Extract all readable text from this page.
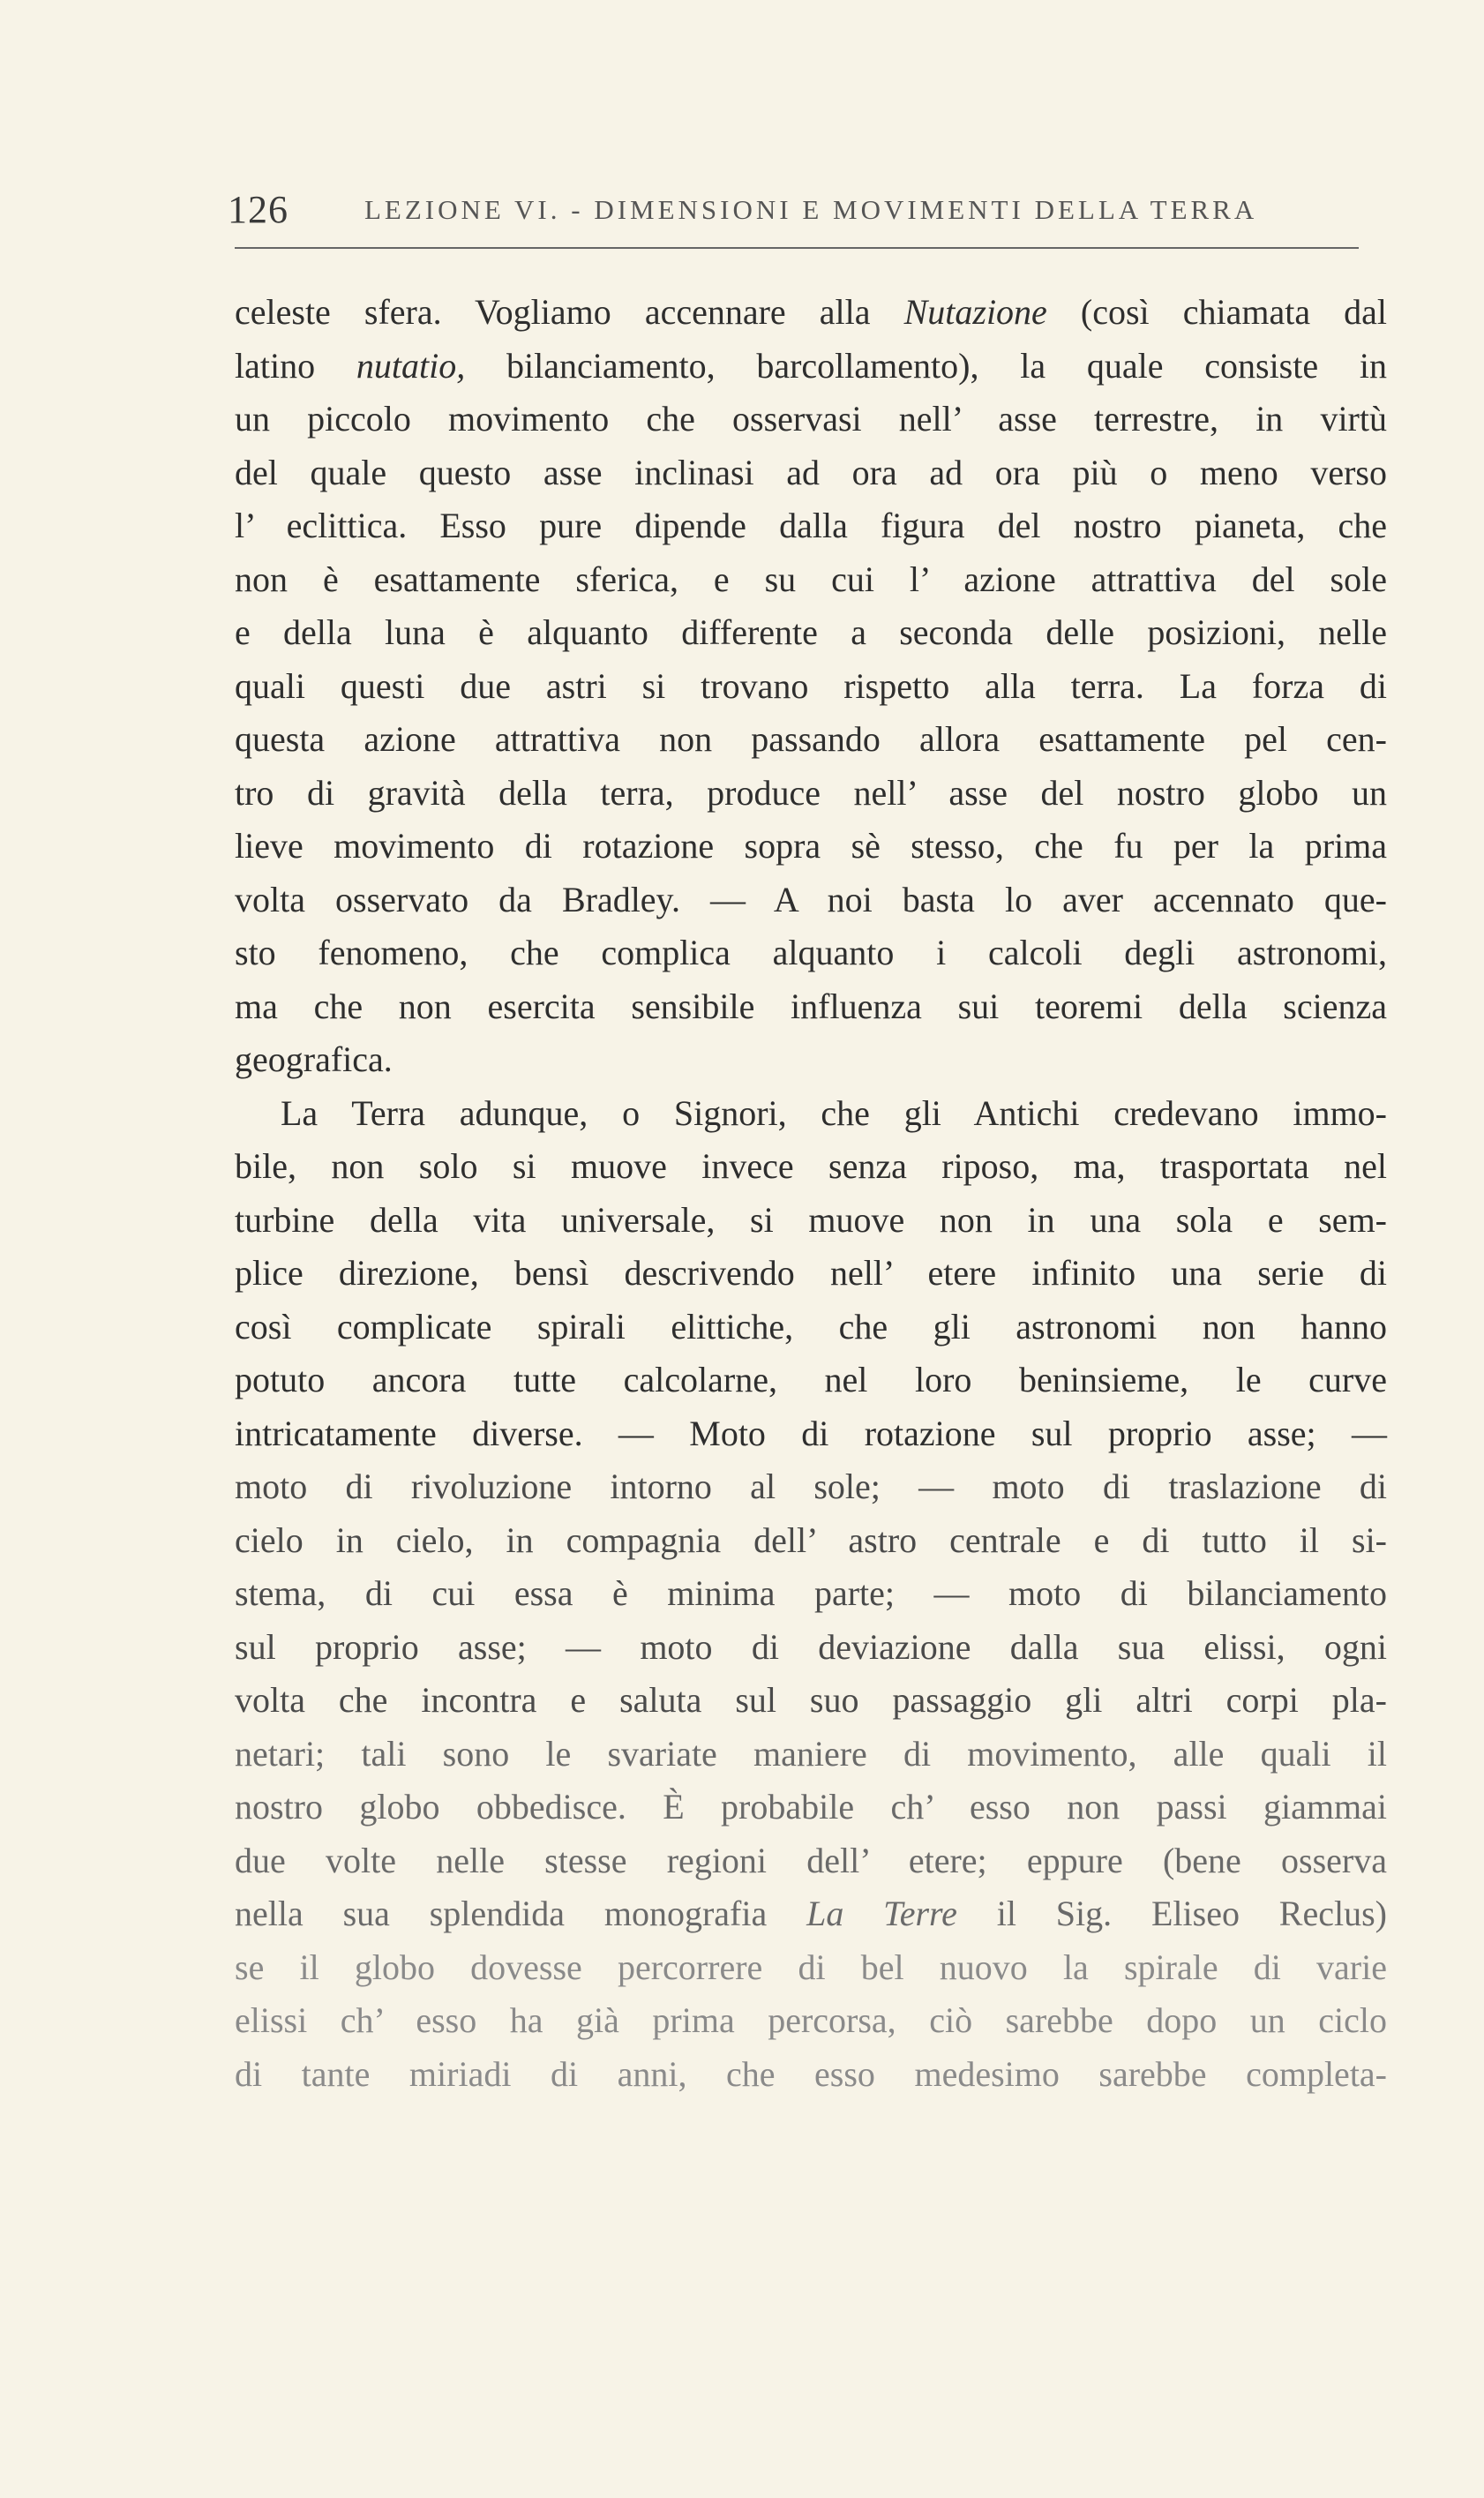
126	LEZIONE VI. - DIMENSIONI E MOVIMENTI DELLA TERRA
celeste sfera. Vogliamo accennare alla Nutazione (così chiamata dal
latino nutatio, bilanciamento, barcollamento), la quale consiste in
un piccolo movimento che osservasi nell’ asse terrestre, in virtù
del quale questo asse inclinasi ad ora ad ora più o meno verso
l’ eclittica. Esso pure dipende dalla figura del nostro pianeta, che
non è esattamente sferica, e su cui l’ azione attrattiva del sole
e della luna è alquanto differente a seconda delle posizioni, nelle
quali questi due astri si trovano rispetto alla terra. La forza di
questa azione attrattiva non passando allora esattamente pel cen-
tro di gravità della terra, produce nell’ asse del nostro globo un
lieve movimento di rotazione sopra sè stesso, che fu per la prima
volta osservato da Bradley. — A noi basta lo aver accennato que-
sto fenomeno, che complica alquanto i calcoli degli astronomi,
ma che non esercita sensibile influenza sui teoremi della scienza
geografica.
La Terra adunque, o Signori, che gli Antichi credevano immo-
bile, non solo si muove invece senza riposo, ma, trasportata nel
turbine della vita universale, si muove non in una sola e sem-
plice direzione, bensì descrivendo nell’ etere infinito una serie di
così complicate spirali elittiche, che gli astronomi non hanno
potuto ancora tutte calcolarne, nel loro beninsieme, le curve
intricatamente diverse. — Moto di rotazione sul proprio asse; —
moto di rivoluzione intorno al sole; — moto di traslazione di
cielo in cielo, in compagnia dell’ astro centrale e di tutto il si-
stema, di cui essa è minima parte; — moto di bilanciamento
sul proprio asse; — moto di deviazione dalla sua elissi, ogni
volta che incontra e saluta sul suo passaggio gli altri corpi pla-
netari; tali sono le svariate maniere di movimento, alle quali il
nostro globo obbedisce. È probabile ch’ esso non passi giammai
due volte nelle stesse regioni dell’ etere; eppure (bene osserva
nella sua splendida monografia La Terre il Sig. Eliseo Reclus)
se il globo dovesse percorrere di bel nuovo la spirale di varie
elissi ch’ esso ha già prima percorsa, ciò sarebbe dopo un ciclo
di tante miriadi di anni, che esso medesimo sarebbe completa-
